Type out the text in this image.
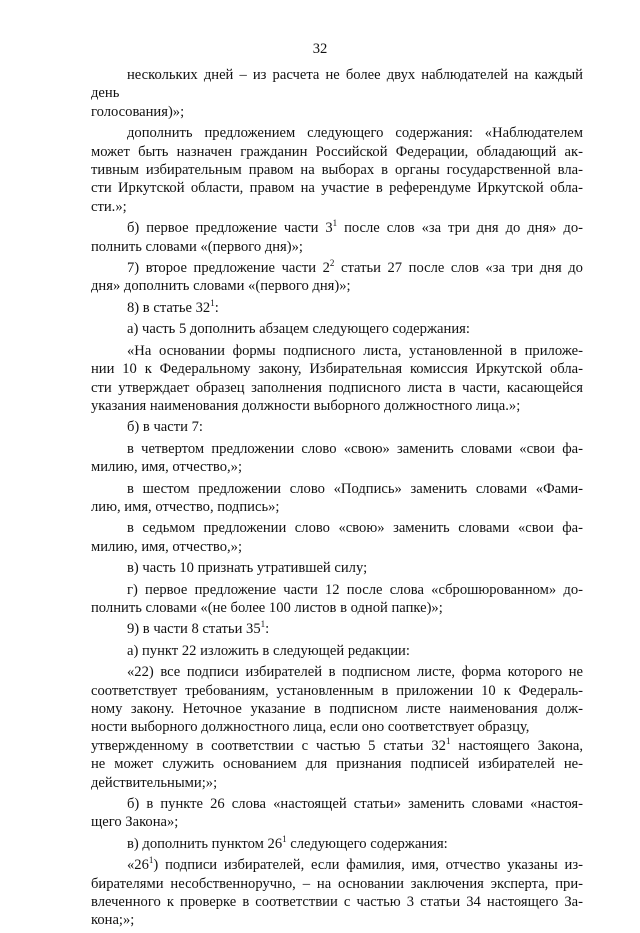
32

нескольких дней – из расчета не более двух наблюдателей на каждый день
голосования)»;

дополнить предложением следующего содержания: «Наблюдателем
может быть назначен гражданин Российской Федерации, обладающий ак-
тивным избирательным правом на выборах в органы государственной вла-
сти Иркутской области, правом на участие в референдуме Иркутской обла-
сти.»;

б) первое предложение части $3^1$ после слов «за три дня до дня» до-
полнить словами «(первого дня)»;

7) второе предложение части $2^2$ статьи 27 после слов «за три дня до
дня» дополнить словами «(первого дня)»;

8) в статье $32^1$:

а) часть 5 дополнить абзацем следующего содержания:

«На основании формы подписного листа, установленной в приложе-
нии 10 к Федеральному закону, Избирательная комиссия Иркутской обла-
сти утверждает образец заполнения подписного листа в части, касающейся
указания наименования должности выборного должностного лица.»;

б) в части 7:

в четвертом предложении слово «свою» заменить словами «свои фа-
милию, имя, отчество,»;

в шестом предложении слово «Подпись» заменить словами «Фами-
лию, имя, отчество, подпись»;

в седьмом предложении слово «свою» заменить словами «свои фа-
милию, имя, отчество,»;

в) часть 10 признать утратившей силу;

г) первое предложение части 12 после слова «сброшюрованном» до-
полнить словами «(не более 100 листов в одной папке)»;

9) в части 8 статьи $35^1$:

а) пункт 22 изложить в следующей редакции:

«22) все подписи избирателей в подписном листе, форма которого не
соответствует требованиям, установленным в приложении 10 к Федераль-
ному закону. Неточное указание в подписном листе наименования долж-
ности выборного должностного лица, если оно соответствует образцу,

утвержденному в соответствии с частью 5 статьи $32^1$ настоящего Закона,

не может служить основанием для признания подписей избирателей не-
действительными;»;

б) в пункте 26 слова «настоящей статьи» заменить словами «настоя-
щего Закона»;

в) дополнить пунктом $26^1$ следующего содержания:

«$26^1$) подписи избирателей, если фамилия, имя, отчество указаны из-

бирателями несобственноручно, – на основании заключения эксперта, при-
влеченного к проверке в соответствии с частью 3 статьи 34 настоящего За-
кона;»;
